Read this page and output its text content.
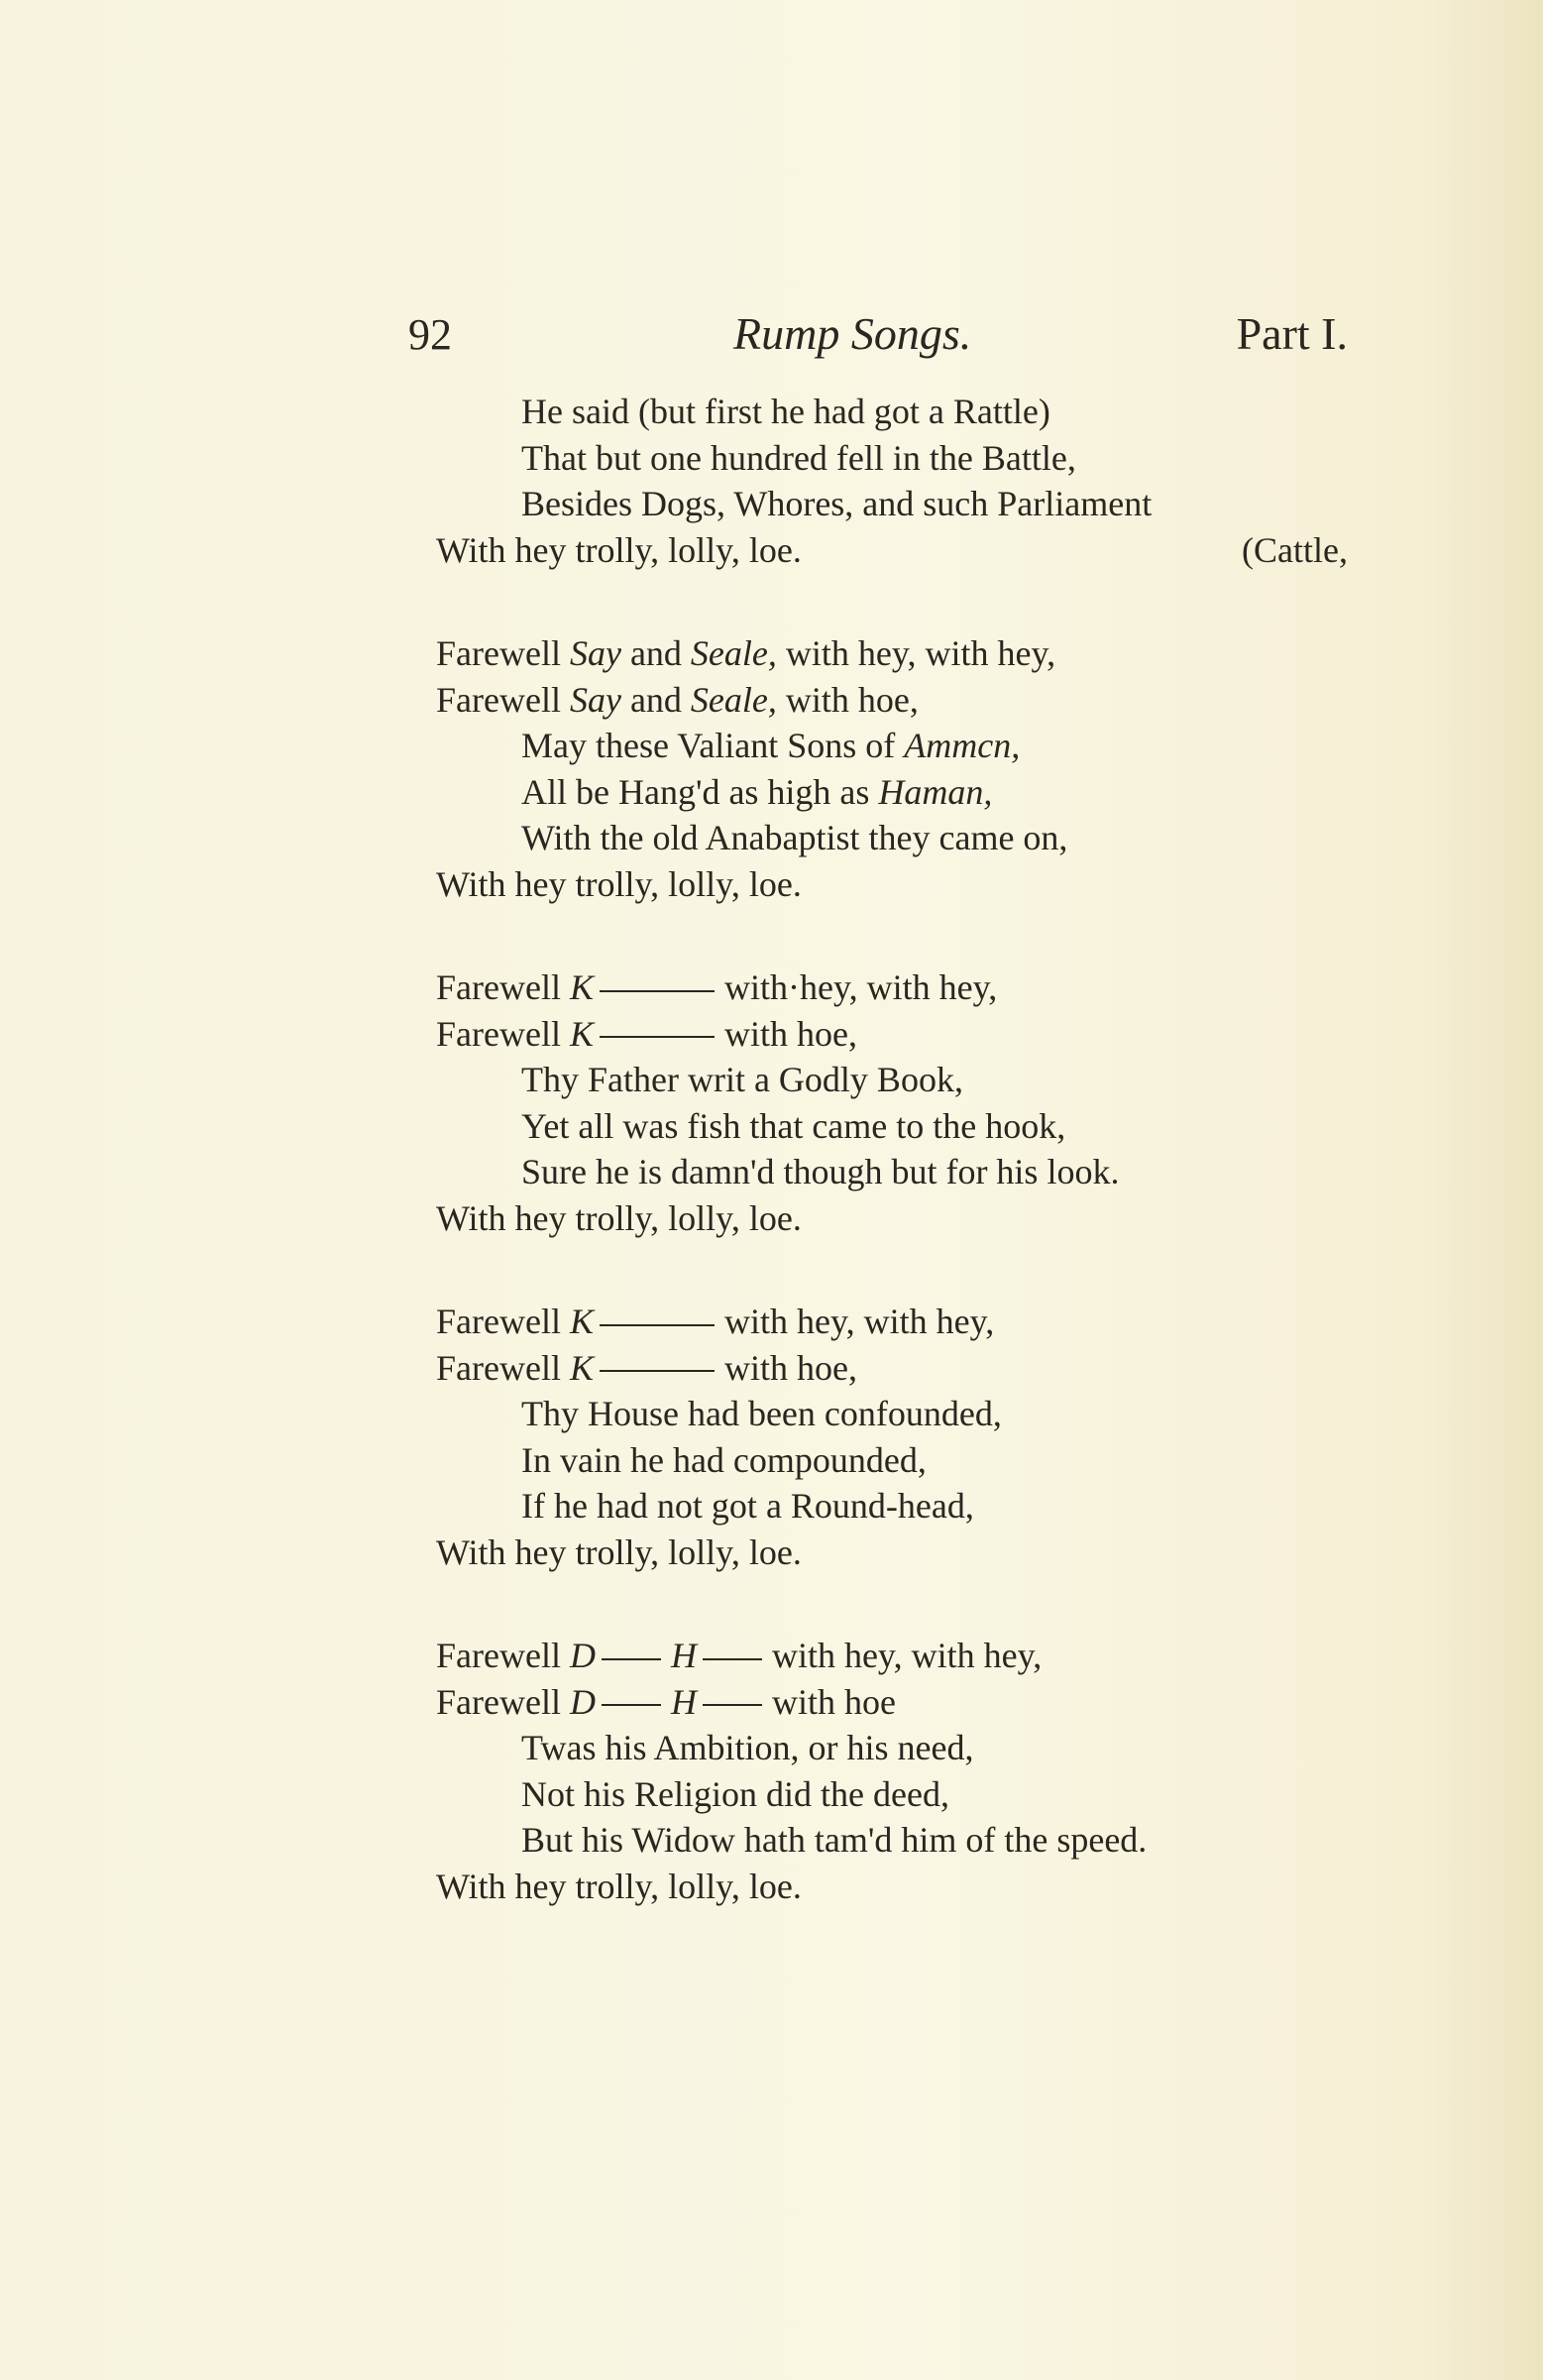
92	Rump Songs.	Part I.
He said (but first he had got a Rattle)
That but one hundred fell in the Battle,
Besides Dogs, Whores, and such Parliament
With hey trolly, lolly, loe.	(Cattle,
Farewell Say and Seale, with hey, with hey,
Farewell Say and Seale, with hoe,
May these Valiant Sons of Ammcn,
All be Hang'd as high as Haman,
With the old Anabaptist they came on,
With hey trolly, lolly, loe.
Farewell K	with·hey, with hey,
Farewell K	with hoe,
Thy Father writ a Godly Book,
Yet all was fish that came to the hook,
Sure he is damn'd though but for his look.
With hey trolly, lolly, loe.
Farewell K	with hey, with hey,
Farewell K	with hoe,
Thy House had been confounded,
In vain he had compounded,
If he had not got a Round-head,
With hey trolly, lolly, loe.
Farewell D H with hey, with hey,
Farewell D H with hoe
Twas his Ambition, or his need,
Not his Religion did the deed,
But his Widow hath tam'd him of the speed.
With hey trolly, lolly, loe.
